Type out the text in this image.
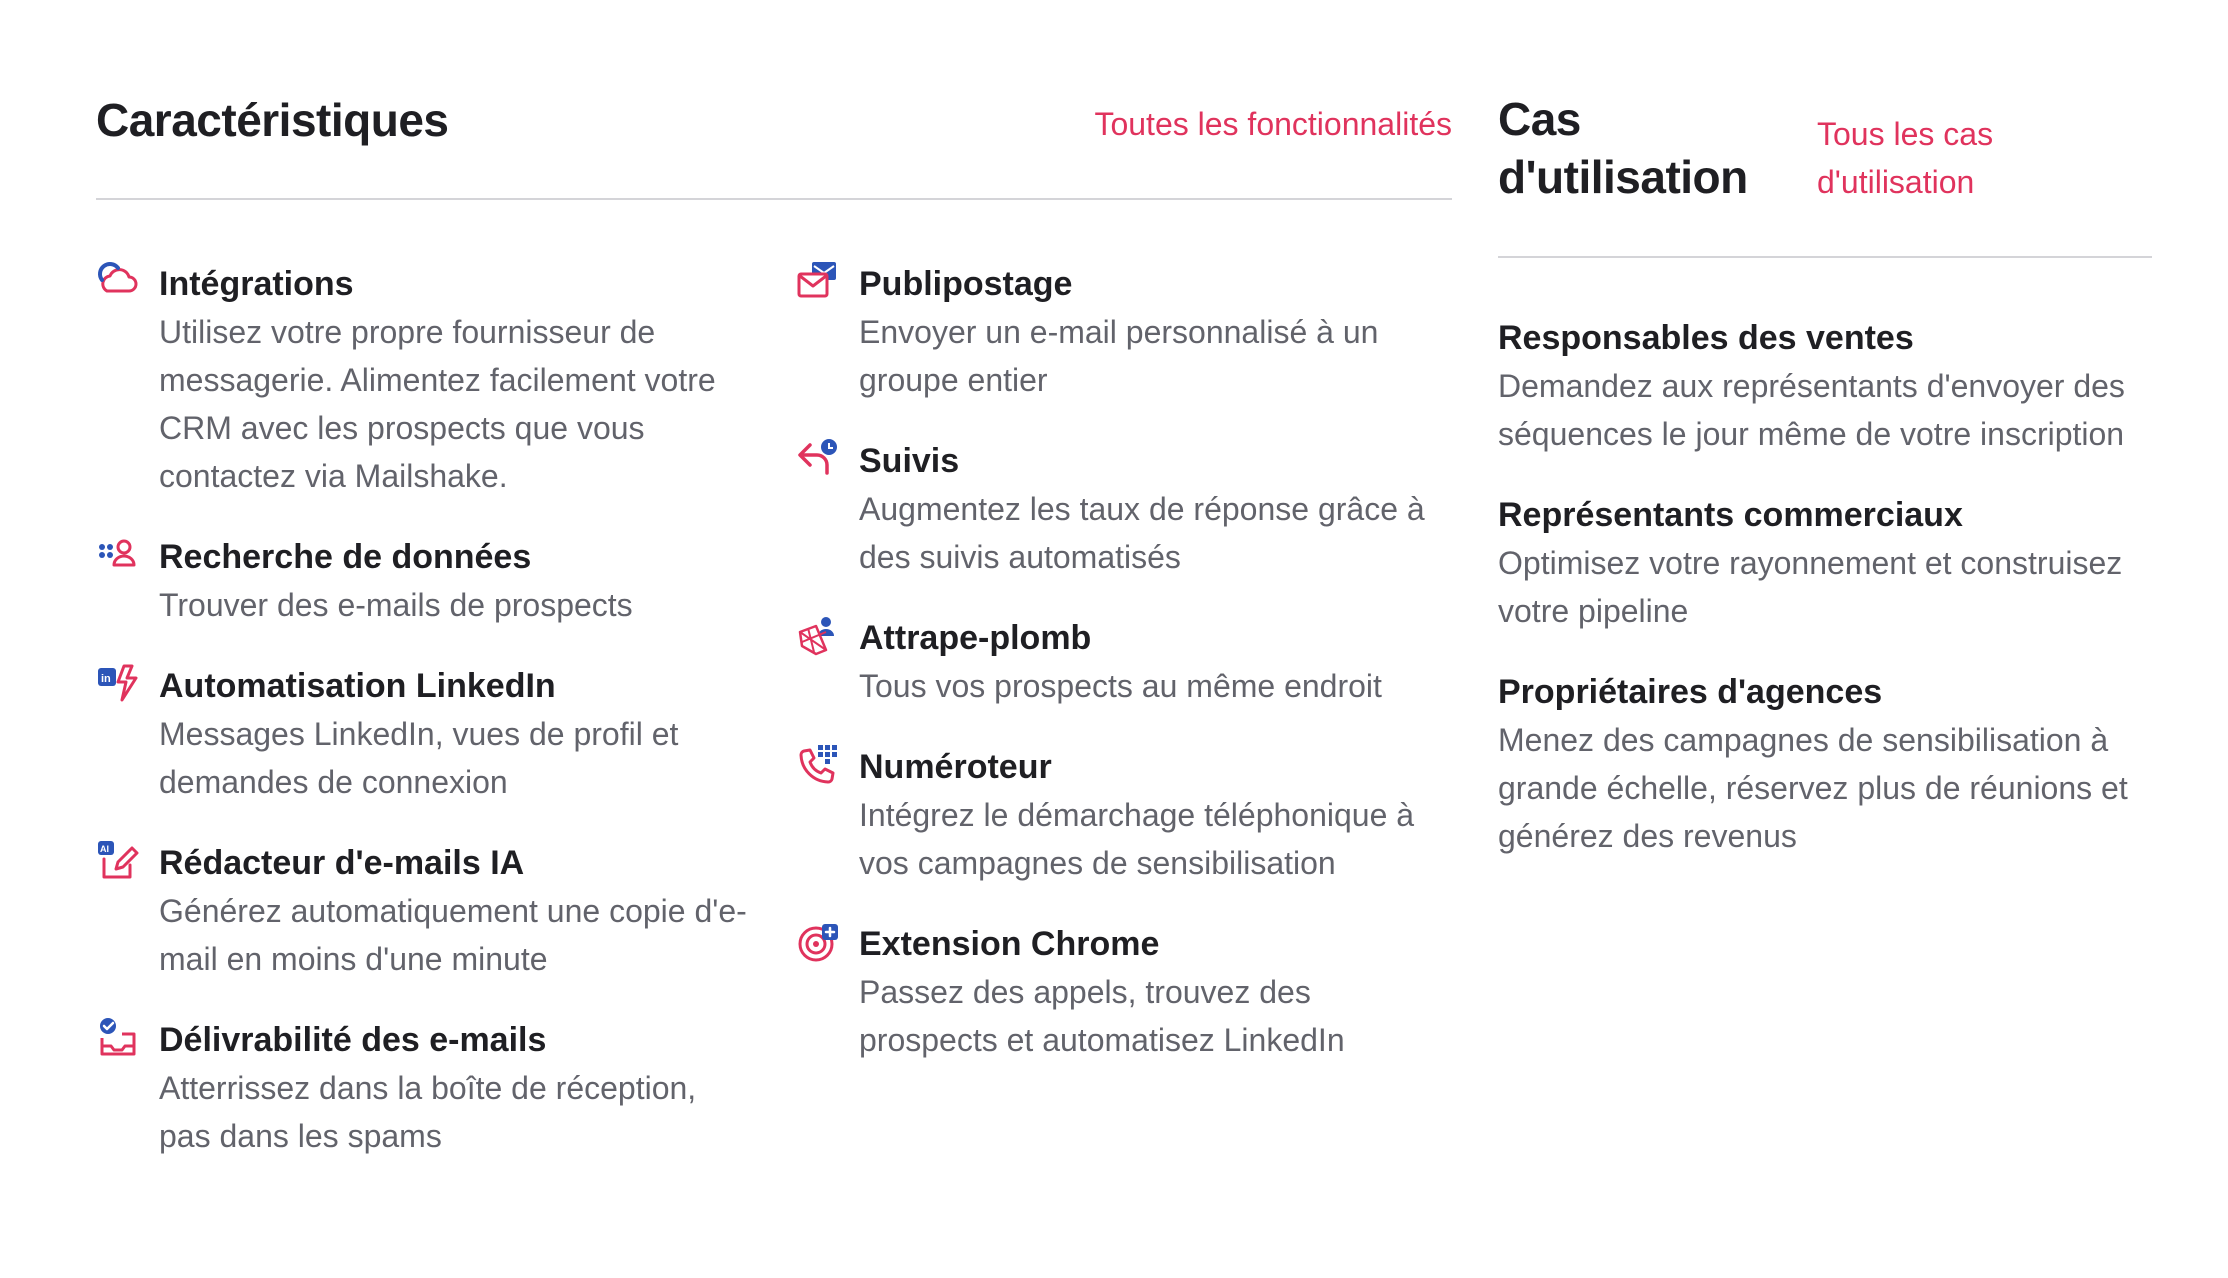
Caractéristiques	Toutes les fonctionnalités

Intégrations

Utilisez votre propre fournisseur de messagerie. Alimentez facilement votre CRM avec les prospects que vous contactez via Mailshake.

Recherche de données

Trouver des e-mails de prospects

in Automatisation LinkedIn

Messages LinkedIn, vues de profil et demandes de connexion

AI Rédacteur d'e-mails IA

Générez automatiquement une copie d'e-mail en moins d'une minute

Délivrabilité des e-mails

Atterrissez dans la boîte de réception, pas dans les spams

Publipostage

Envoyer un e-mail personnalisé à un groupe entier

Suivis

Augmentez les taux de réponse grâce à des suivis automatisés

Attrape-plomb

Tous vos prospects au même endroit

Numéroteur

Intégrez le démarchage téléphonique à vos campagnes de sensibilisation

Extension Chrome

Passez des appels, trouvez des prospects et automatisez LinkedIn

Cas d'utilisation
Tous les cas d'utilisation

Responsables des ventes

Demandez aux représentants d'envoyer des séquences le jour même de votre inscription

Représentants commerciaux

Optimisez votre rayonnement et construisez votre pipeline

Propriétaires d'agences

Menez des campagnes de sensibilisation à grande échelle, réservez plus de réunions et générez des revenus
